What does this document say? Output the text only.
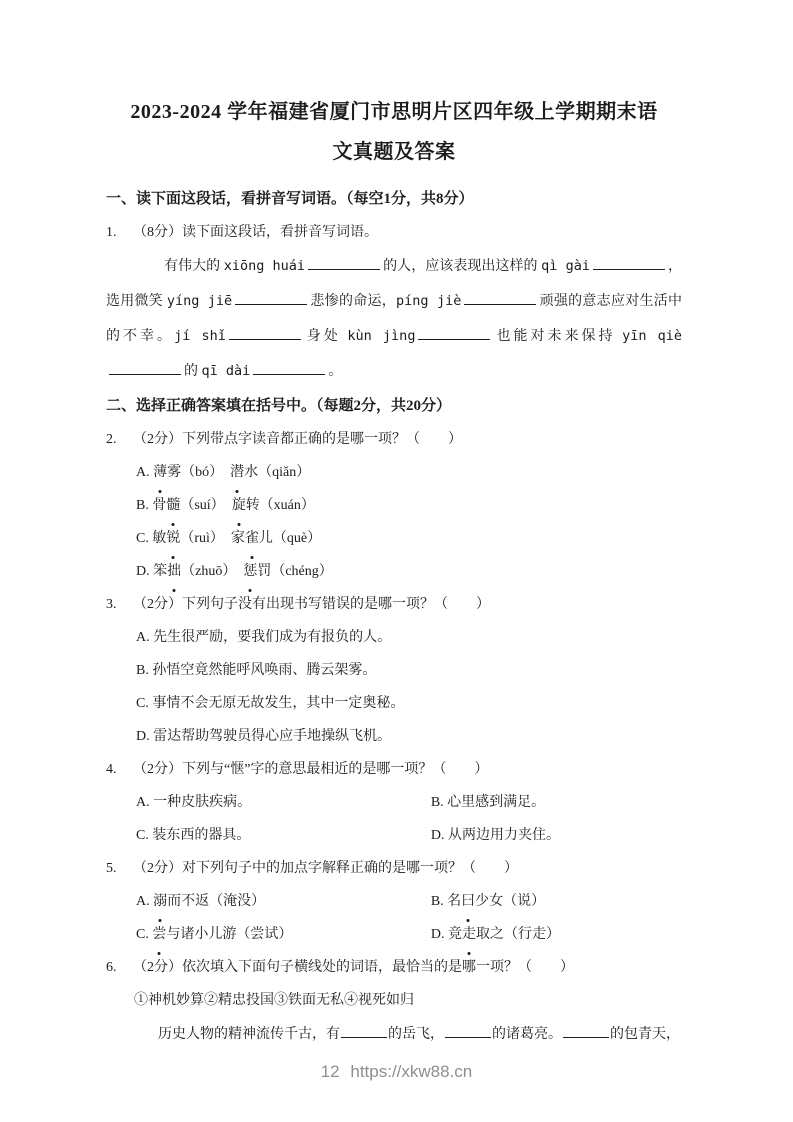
2023-2024 学年福建省厦门市思明片区四年级上学期期末语
文真题及答案
一、读下面这段话，看拼音写词语。（每空1分，共8分）
1. （8分）读下面这段话，看拼音写词语。
有伟大的 xiōng huái	的人，应该表现出这样的 qì gài	，选用微笑 yíng jiē	悲惨的命运，píng jiè	顽强的意志应对生活中的不幸。jí shǐ	身处 kùn jìng	也能对未来保持 yīn qiè的 qī dài	。
二、选择正确答案填在括号中。（每题2分，共20分）
2. （2分）下列带点字读音都正确的是哪一项？（　　）
A. 薄雾（bó）　潜水（qiǎn）
B. 骨髓（suí）　旋转（xuán）
C. 敏锐（ruì）　家雀儿（què）
D. 笨拙（zhuō）　惩罚（chéng）
3. （2分）下列句子没有出现书写错误的是哪一项？（　　）
A. 先生很严励，要我们成为有报负的人。
B. 孙悟空竟然能呼风唤雨、腾云架雾。
C. 事情不会无原无故发生，其中一定奥秘。
D. 雷达帮助驾驶员得心应手地操纵飞机。
4. （2分）下列与“惬”字的意思最相近的是哪一项？（　　）
A. 一种皮肤疾病。	B. 心里感到满足。
C. 装东西的器具。	D. 从两边用力夹住。
5. （2分）对下列句子中的加点字解释正确的是哪一项？（　　）
A. 溺而不返（淹没）	B. 名曰少女（说）
C. 尝与诸小儿游（尝试）	D. 竞走取之（行走）
6. （2分）依次填入下面句子横线处的词语，最恰当的是哪一项？（　　）
①神机妙算②精忠投国③铁面无私④视死如归
历史人物的精神流传千古，有	的岳飞，	的诸葛亮。	的包青天，
12 https://xkw88.cn
